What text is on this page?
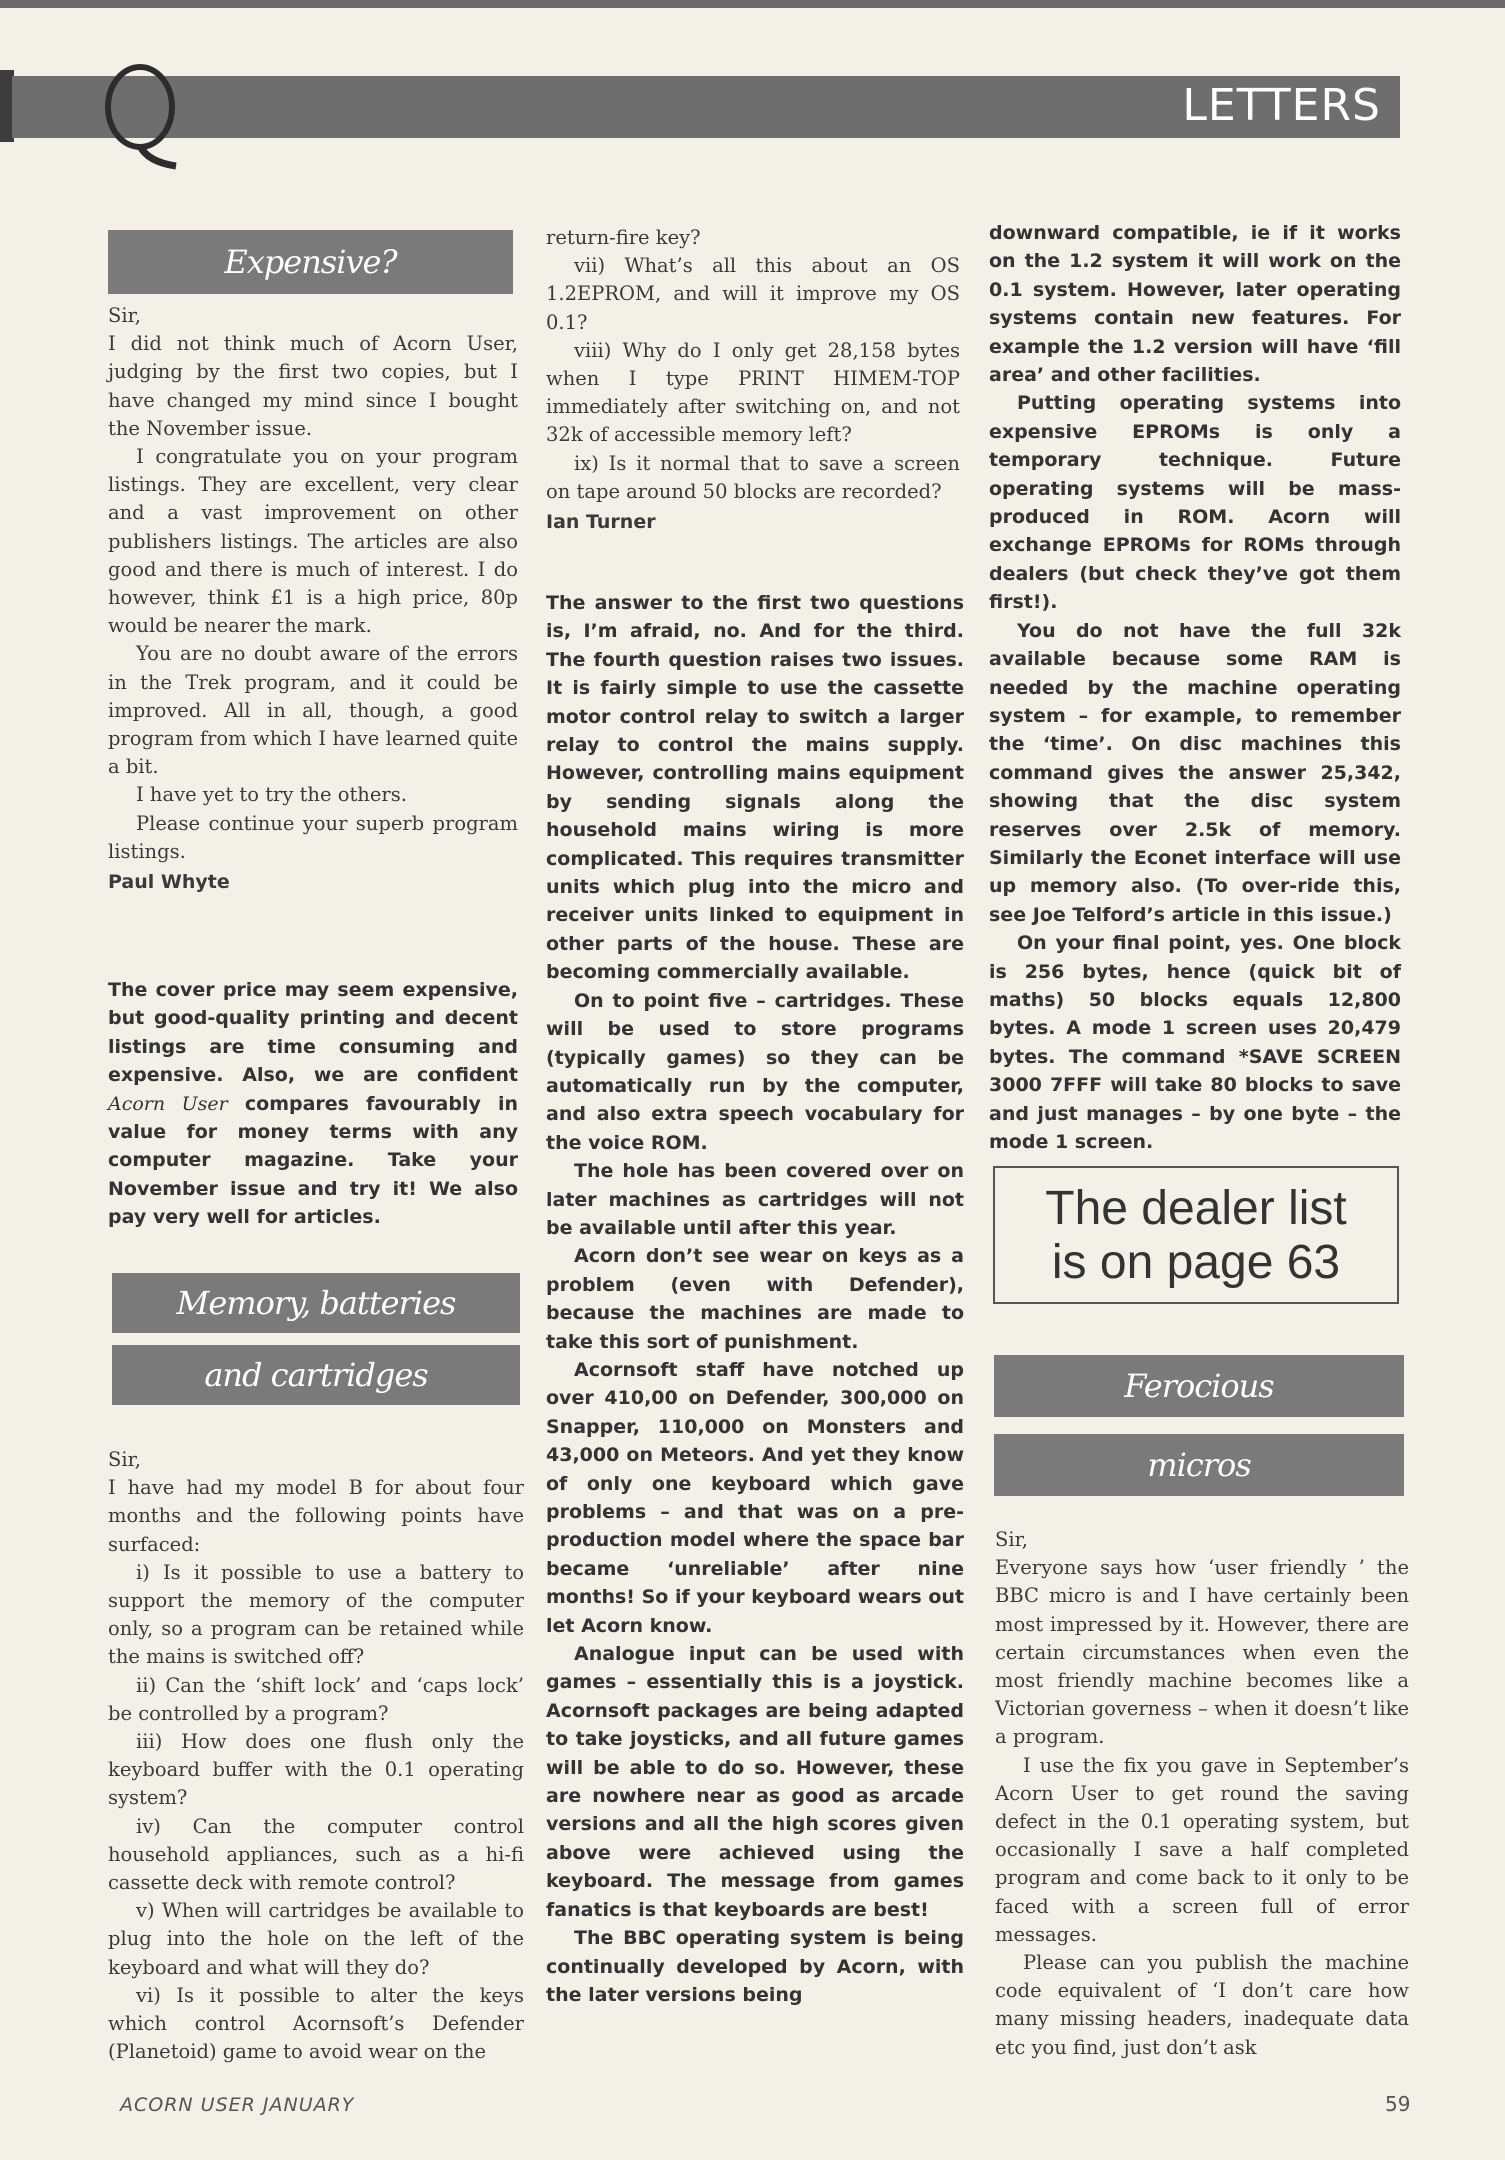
LETTERS
Expensive?

Sir,

I did not think much of Acorn User, judging by the first two copies, but I have changed my mind since I bought the November issue.

I congratulate you on your program listings. They are excellent, very clear and a vast improvement on other publishers listings. The articles are also good and there is much of interest. I do however, think £1 is a high price, 80p would be nearer the mark.

You are no doubt aware of the errors in the Trek program, and it could be improved. All in all, though, a good program from which I have learned quite a bit.

I have yet to try the others.

Please continue your superb program listings.

Paul Whyte

The cover price may seem expensive, but good-quality printing and decent listings are time consuming and expensive. Also, we are confident Acorn User compares favourably in value for money terms with any computer magazine. Take your November issue and try it! We also pay very well for articles.

Memory, batteries
and cartridges

Sir,

I have had my model B for about four months and the following points have surfaced:

i) Is it possible to use a battery to support the memory of the computer only, so a program can be retained while the mains is switched off?

ii) Can the ‘shift lock’ and ‘caps lock’ be controlled by a program?

iii) How does one flush only the keyboard buffer with the 0.1 operating system?

iv) Can the computer control household appliances, such as a hi-fi cassette deck with remote control?

v) When will cartridges be available to plug into the hole on the left of the keyboard and what will they do?

vi) Is it possible to alter the keys which control Acornsoft’s Defender (Planetoid) game to avoid wear on the

return-fire key?

vii) What’s all this about an OS 1.2EPROM, and will it improve my OS 0.1?

viii) Why do I only get 28,158 bytes when I type PRINT HIMEM-TOP immediately after switching on, and not 32k of accessible memory left?

ix) Is it normal that to save a screen on tape around 50 blocks are recorded?

Ian Turner

The answer to the first two questions is, I’m afraid, no. And for the third. The fourth question raises two issues. It is fairly simple to use the cassette motor control relay to switch a larger relay to control the mains supply. However, controlling mains equipment by sending signals along the household mains wiring is more complicated. This requires transmitter units which plug into the micro and receiver units linked to equipment in other parts of the house. These are becoming commercially available.

On to point five – cartridges. These will be used to store programs (typically games) so they can be automatically run by the computer, and also extra speech vocabulary for the voice ROM.

The hole has been covered over on later machines as cartridges will not be available until after this year.

Acorn don’t see wear on keys as a problem (even with Defender), because the machines are made to take this sort of punishment.

Acornsoft staff have notched up over 410,00 on Defender, 300,000 on Snapper, 110,000 on Monsters and 43,000 on Meteors. And yet they know of only one keyboard which gave problems – and that was on a pre-production model where the space bar became ‘unreliable’ after nine months! So if your keyboard wears out let Acorn know.

Analogue input can be used with games – essentially this is a joystick. Acornsoft packages are being adapted to take joysticks, and all future games will be able to do so. However, these are nowhere near as good as arcade versions and all the high scores given above were achieved using the keyboard. The message from games fanatics is that keyboards are best!

The BBC operating system is being continually developed by Acorn, with the later versions being

downward compatible, ie if it works on the 1.2 system it will work on the 0.1 system. However, later operating systems contain new features. For example the 1.2 version will have ‘fill area’ and other facilities.

Putting operating systems into expensive EPROMs is only a temporary technique. Future operating systems will be mass-produced in ROM. Acorn will exchange EPROMs for ROMs through dealers (but check they’ve got them first!).

You do not have the full 32k available because some RAM is needed by the machine operating system – for example, to remember the ‘time’. On disc machines this command gives the answer 25,342, showing that the disc system reserves over 2.5k of memory. Similarly the Econet interface will use up memory also. (To over-ride this, see Joe Telford’s article in this issue.)

On your final point, yes. One block is 256 bytes, hence (quick bit of maths) 50 blocks equals 12,800 bytes. A mode 1 screen uses 20,479 bytes. The command *SAVE SCREEN 3000 7FFF will take 80 blocks to save and just manages – by one byte – the mode 1 screen.

The dealer list
is on page 63
Ferocious
micros

Sir,

Everyone says how ‘user friendly ’ the BBC micro is and I have certainly been most impressed by it. However, there are certain circumstances when even the most friendly machine becomes like a Victorian governess – when it doesn’t like a program.

I use the fix you gave in September’s Acorn User to get round the saving defect in the 0.1 operating system, but occasionally I save a half completed program and come back to it only to be faced with a screen full of error messages.

Please can you publish the machine code equivalent of ‘I don’t care how many missing headers, inadequate data etc you find, just don’t ask

ACORN USER JANUARY	59
